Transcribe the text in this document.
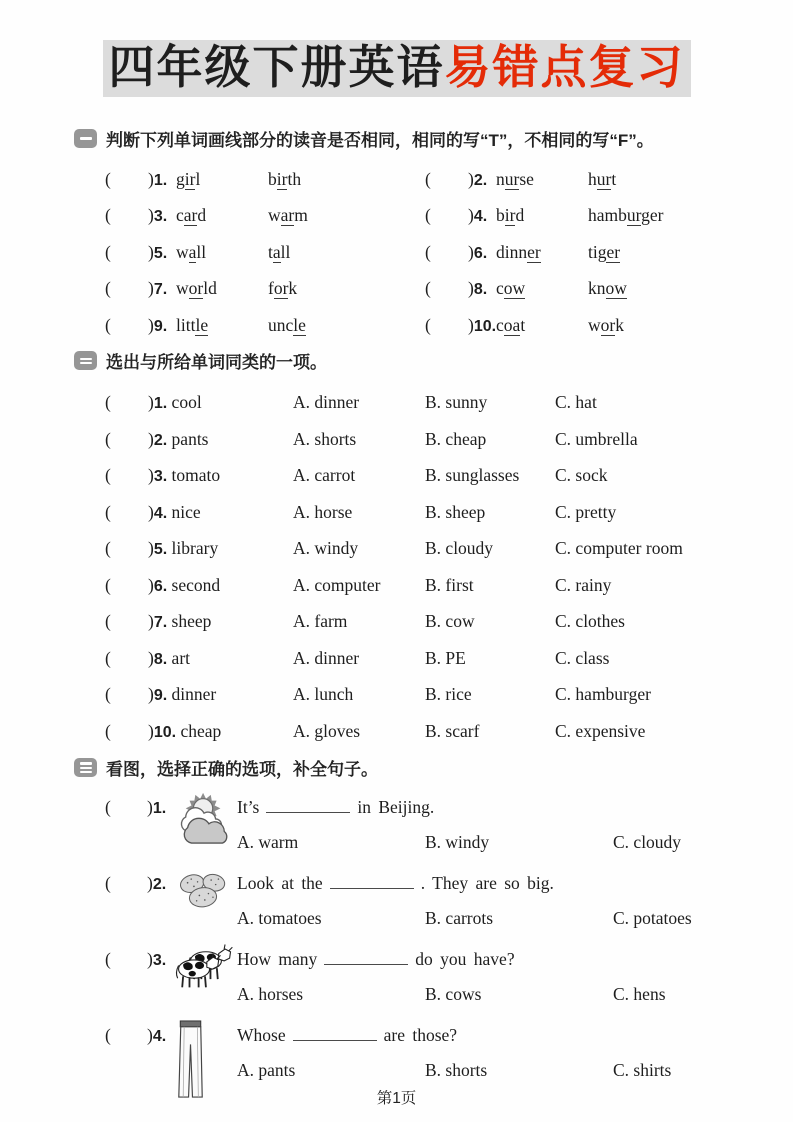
四年级下册英语易错点复习
判断下列单词画线部分的读音是否相同，相同的写“T”，不相同的写“F”。
(	)1. girl	birth	(	)2. nurse	hurt
(	)3. card	warm	(	)4. bird	hamburger
(	)5. wall	tall	(	)6. dinner	tiger
(	)7. world	fork	(	)8. cow	know
(	)9. little	uncle	(	)10. coat	work
选出与所给单词同类的一项。
(	)1. cool	A. dinner	B. sunny	C. hat
(	)2. pants	A. shorts	B. cheap	C. umbrella
(	)3. tomato	A. carrot	B. sunglasses	C. sock
(	)4. nice	A. horse	B. sheep	C. pretty
(	)5. library	A. windy	B. cloudy	C. computer room
(	)6. second	A. computer	B. first	C. rainy
(	)7. sheep	A. farm	B. cow	C. clothes
(	)8. art	A. dinner	B. PE	C. class
(	)9. dinner	A. lunch	B. rice	C. hamburger
(	)10. cheap	A. gloves	B. scarf	C. expensive
看图，选择正确的选项，补全句子。
(	)1.	It’s	in Beijing.
A. warm	B. windy	C. cloudy
(	)2.	Look at the	. They are so big.
A. tomatoes	B. carrots	C. potatoes
(	)3.	How many	do you have?
A. horses	B. cows	C. hens
(	)4.	Whose	are those?
A. pants	B. shorts	C. shirts
第1页
